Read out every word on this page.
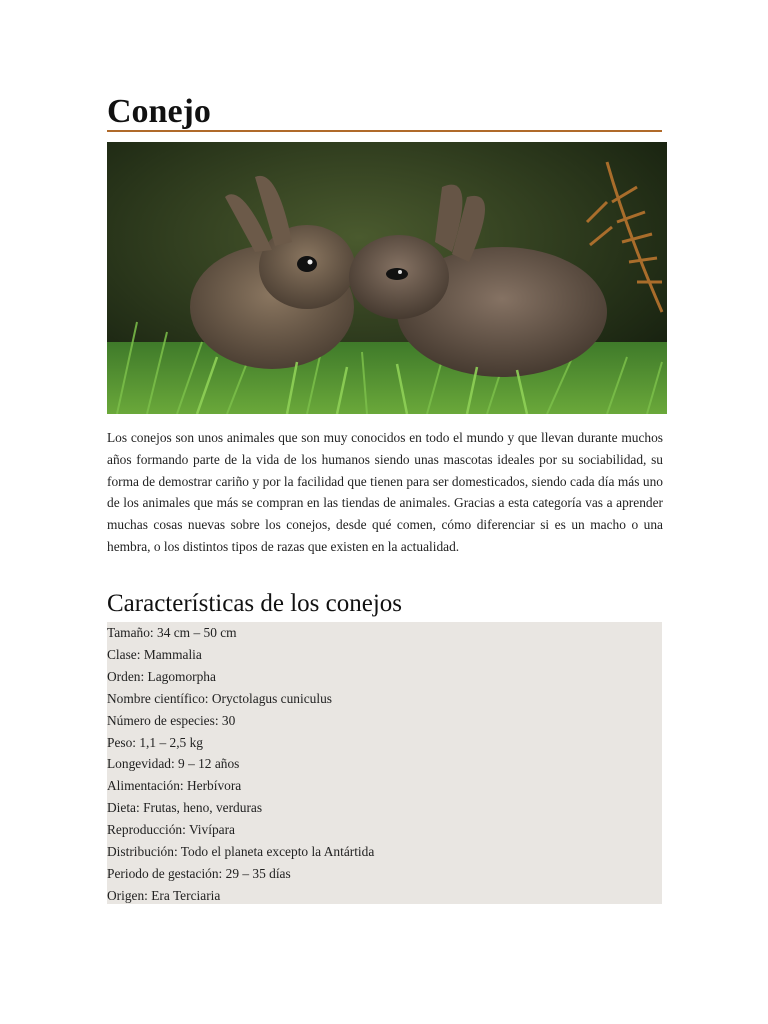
Conejo

Los conejos son unos animales que son muy conocidos en todo el mundo y que llevan durante muchos años formando parte de la vida de los humanos siendo unas mascotas ideales por su sociabilidad, su forma de demostrar cariño y por la facilidad que tienen para ser domesticados, siendo cada día más uno de los animales que más se compran en las tiendas de animales. Gracias a esta categoría vas a aprender muchas cosas nuevas sobre los conejos, desde qué comen, cómo diferenciar si es un macho o una hembra, o los distintos tipos de razas que existen en la actualidad.

Características de los conejos
Tamaño: 34 cm – 50 cm
Clase: Mammalia
Orden: Lagomorpha
Nombre científico: Oryctolagus cuniculus
Número de especies: 30
Peso: 1,1 – 2,5 kg
Longevidad: 9 – 12 años
Alimentación: Herbívora
Dieta: Frutas, heno, verduras
Reproducción: Vivípara
Distribución: Todo el planeta excepto la Antártida
Periodo de gestación: 29 – 35 días
Origen: Era Terciaria
